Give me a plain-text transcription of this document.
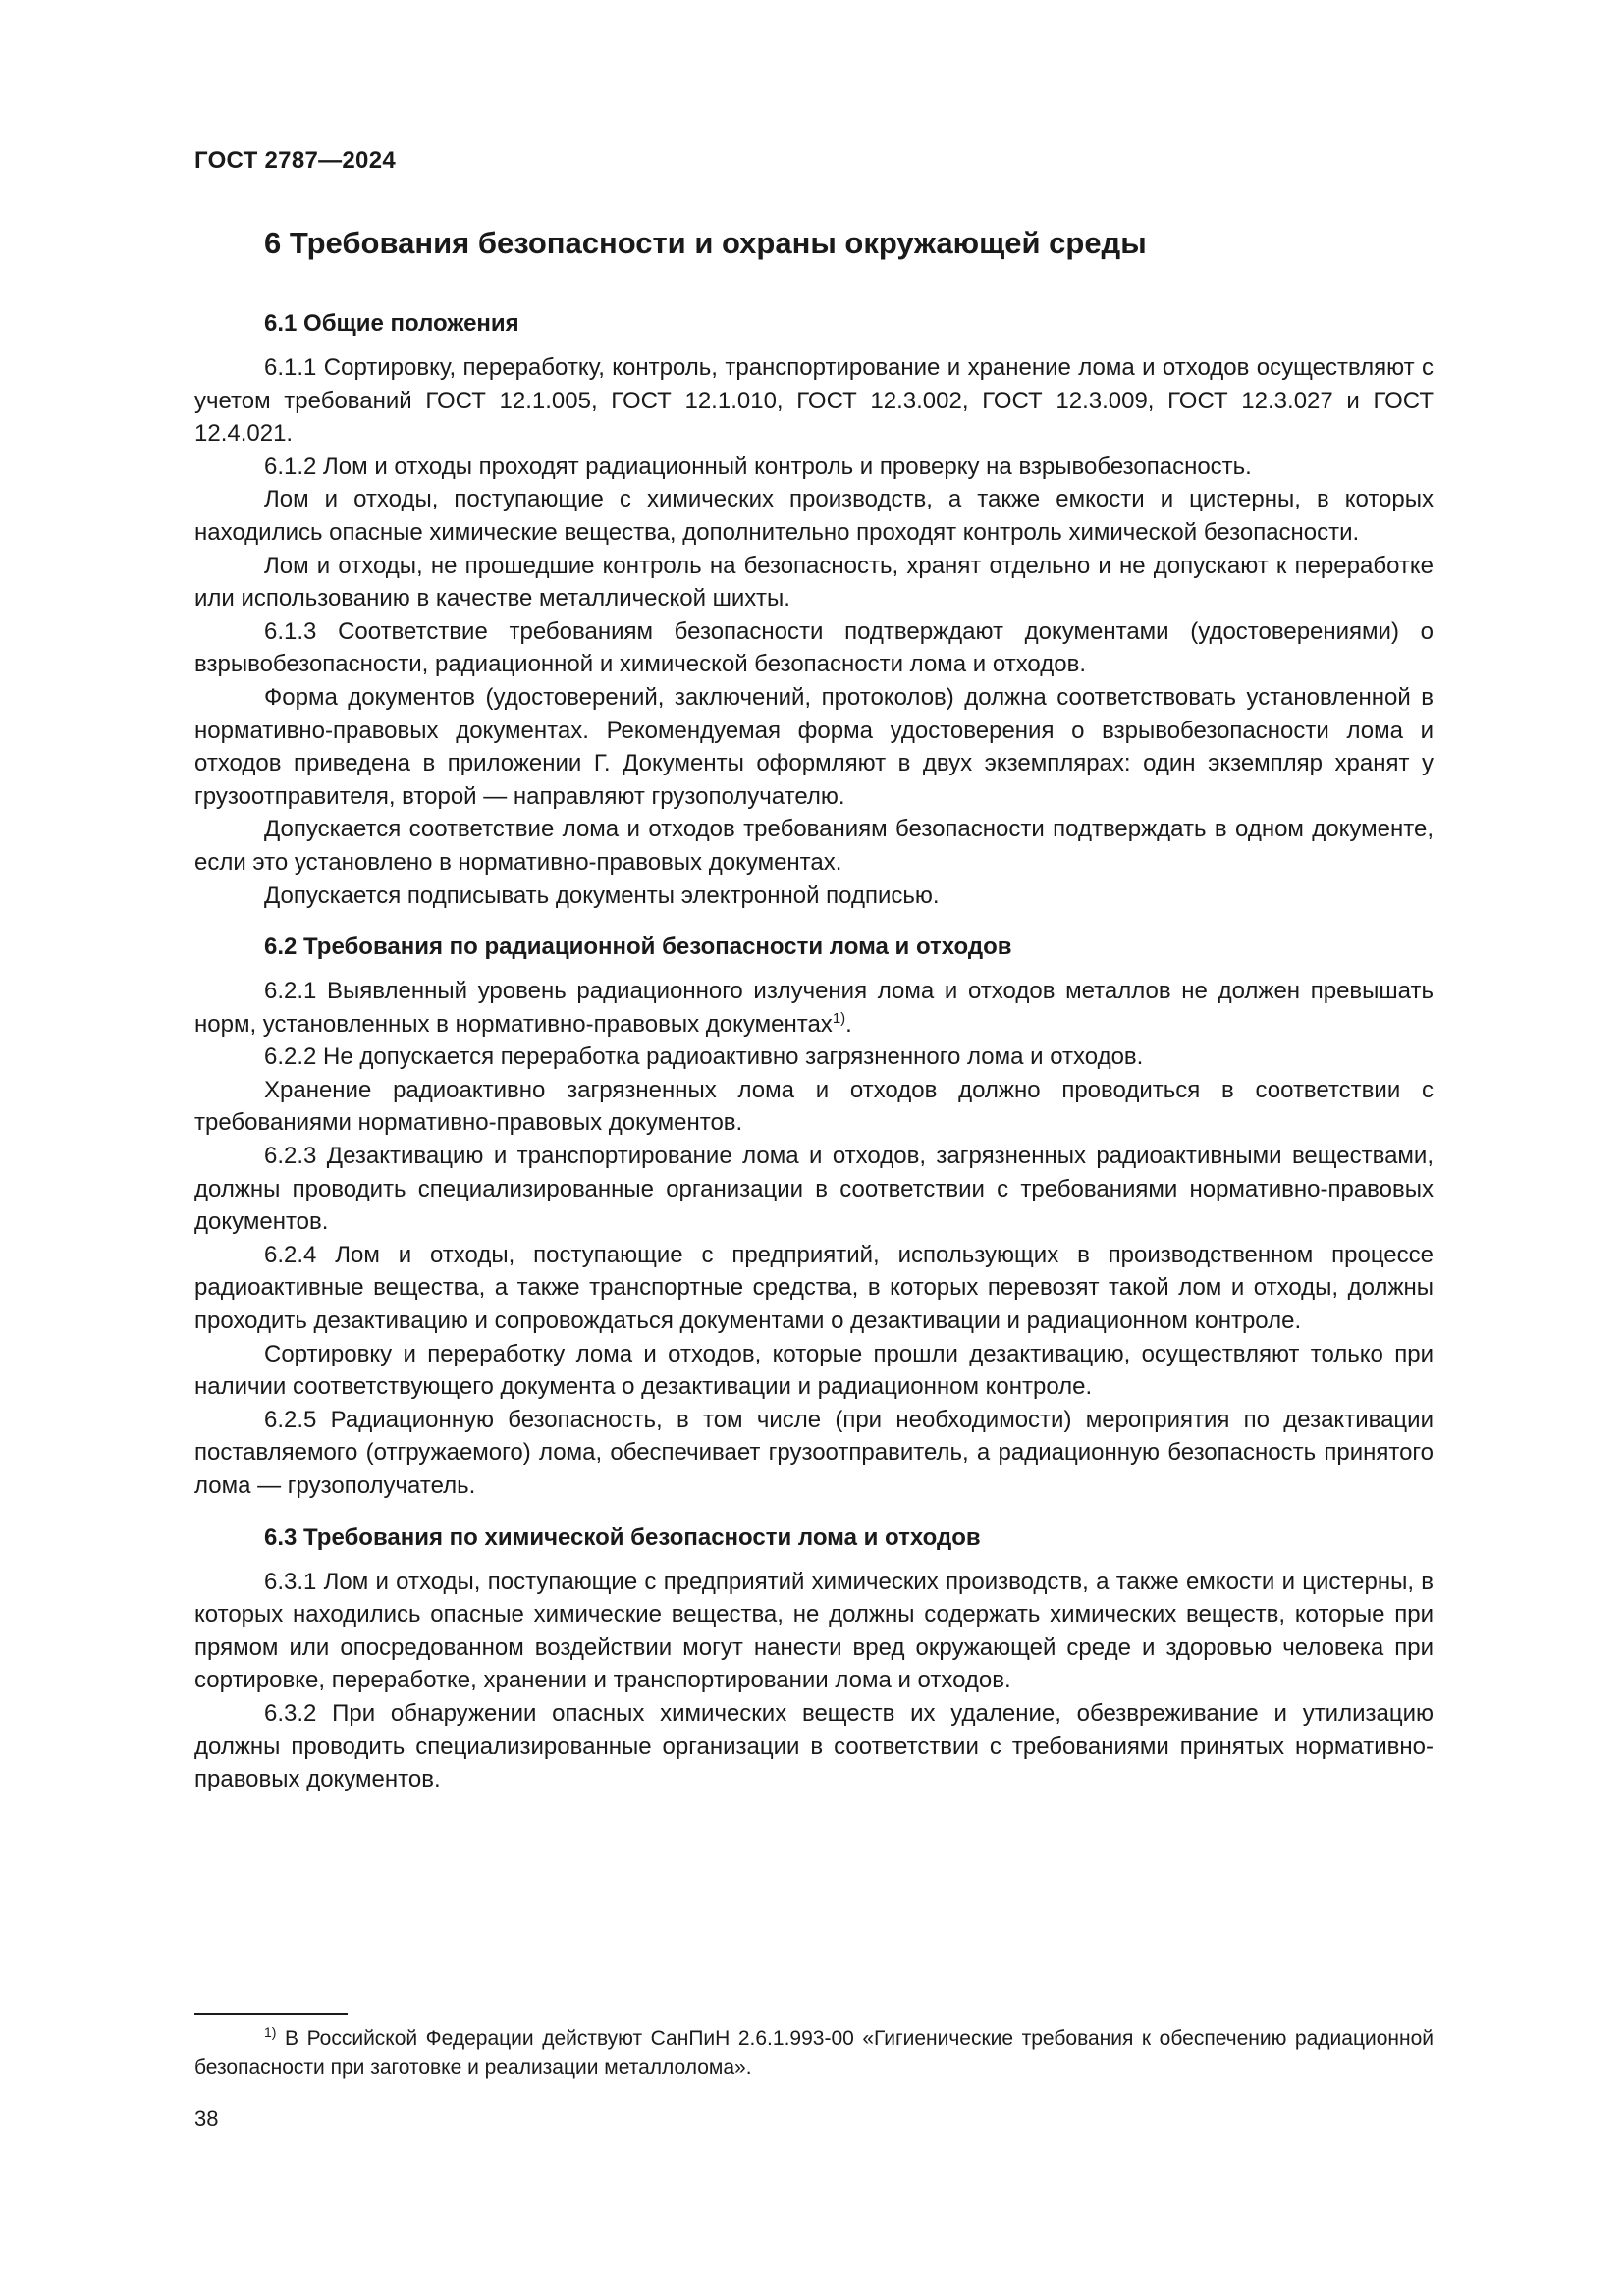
ГОСТ 2787—2024
6 Требования безопасности и охраны окружающей среды
6.1 Общие положения

6.1.1 Сортировку, переработку, контроль, транспортирование и хранение лома и отходов осуществляют с учетом требований ГОСТ 12.1.005, ГОСТ 12.1.010, ГОСТ 12.3.002, ГОСТ 12.3.009, ГОСТ 12.3.027 и ГОСТ 12.4.021.

6.1.2 Лом и отходы проходят радиационный контроль и проверку на взрывобезопасность.

Лом и отходы, поступающие с химических производств, а также емкости и цистерны, в которых находились опасные химические вещества, дополнительно проходят контроль химической безопасности.

Лом и отходы, не прошедшие контроль на безопасность, хранят отдельно и не допускают к переработке или использованию в качестве металлической шихты.

6.1.3 Соответствие требованиям безопасности подтверждают документами (удостоверениями) о взрывобезопасности, радиационной и химической безопасности лома и отходов.

Форма документов (удостоверений, заключений, протоколов) должна соответствовать установленной в нормативно-правовых документах. Рекомендуемая форма удостоверения о взрывобезопасности лома и отходов приведена в приложении Г. Документы оформляют в двух экземплярах: один экземпляр хранят у грузоотправителя, второй — направляют грузополучателю.

Допускается соответствие лома и отходов требованиям безопасности подтверждать в одном документе, если это установлено в нормативно-правовых документах.

Допускается подписывать документы электронной подписью.

6.2 Требования по радиационной безопасности лома и отходов

6.2.1 Выявленный уровень радиационного излучения лома и отходов металлов не должен превышать норм, установленных в нормативно-правовых документах$^{1)}$.

6.2.2 Не допускается переработка радиоактивно загрязненного лома и отходов.

Хранение радиоактивно загрязненных лома и отходов должно проводиться в соответствии с требованиями нормативно-правовых документов.

6.2.3 Дезактивацию и транспортирование лома и отходов, загрязненных радиоактивными веществами, должны проводить специализированные организации в соответствии с требованиями нормативно-правовых документов.

6.2.4 Лом и отходы, поступающие с предприятий, использующих в производственном процессе радиоактивные вещества, а также транспортные средства, в которых перевозят такой лом и отходы, должны проходить дезактивацию и сопровождаться документами о дезактивации и радиационном контроле.

Сортировку и переработку лома и отходов, которые прошли дезактивацию, осуществляют только при наличии соответствующего документа о дезактивации и радиационном контроле.

6.2.5 Радиационную безопасность, в том числе (при необходимости) мероприятия по дезактивации поставляемого (отгружаемого) лома, обеспечивает грузоотправитель, а радиационную безопасность принятого лома — грузополучатель.

6.3 Требования по химической безопасности лома и отходов

6.3.1 Лом и отходы, поступающие с предприятий химических производств, а также емкости и цистерны, в которых находились опасные химические вещества, не должны содержать химических веществ, которые при прямом или опосредованном воздействии могут нанести вред окружающей среде и здоровью человека при сортировке, переработке, хранении и транспортировании лома и отходов.

6.3.2 При обнаружении опасных химических веществ их удаление, обезвреживание и утилизацию должны проводить специализированные организации в соответствии с требованиями принятых нормативно-правовых документов.

$^{1)}$ В Российской Федерации действуют СанПиН 2.6.1.993-00 «Гигиенические требования к обеспечению радиационной безопасности при заготовке и реализации металлолома».
38
